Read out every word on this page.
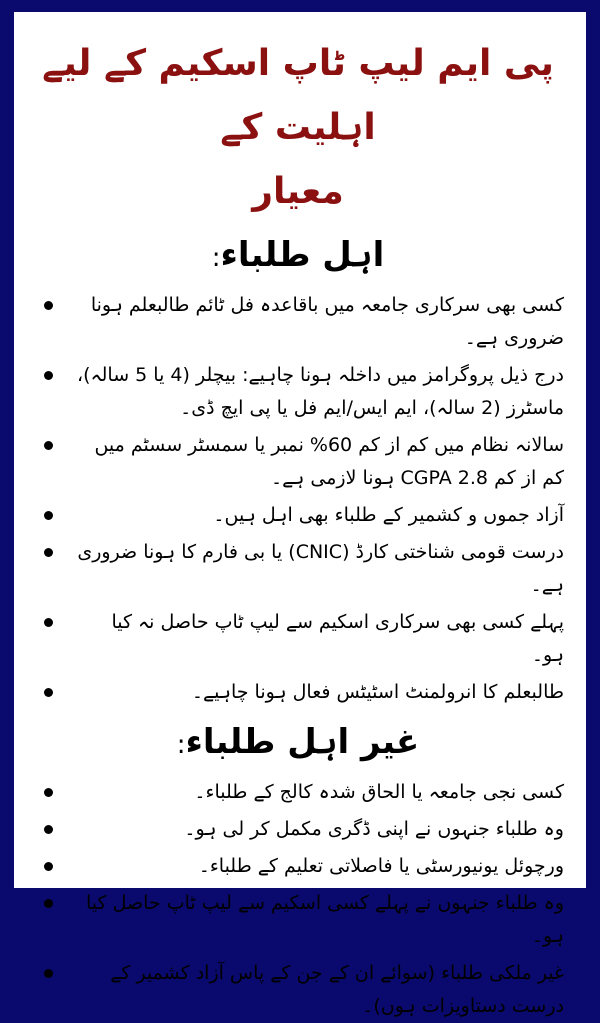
پی ایم لیپ ٹاپ اسکیم کے لیے اہلیت کے
معیار
اہل طلباء:
کسی بھی سرکاری جامعہ میں باقاعدہ فل ٹائم طالبعلم ہونا ضروری ہے۔
درج ذیل پروگرامز میں داخلہ ہونا چاہیے: بیچلر (4 یا 5 سالہ)، ماسٹرز (2 سالہ)، ایم ایس/ایم فل یا پی ایچ ڈی۔
سالانہ نظام میں کم از کم 60% نمبر یا سمسٹر سسٹم میں کم از کم CGPA 2.8 ہونا لازمی ہے۔
آزاد جموں و کشمیر کے طلباء بھی اہل ہیں۔
درست قومی شناختی کارڈ (CNIC) یا بی فارم کا ہونا ضروری ہے۔
پہلے کسی بھی سرکاری اسکیم سے لیپ ٹاپ حاصل نہ کیا ہو۔
طالبعلم کا انرولمنٹ اسٹیٹس فعال ہونا چاہیے۔
غیر اہل طلباء:
کسی نجی جامعہ یا الحاق شدہ کالج کے طلباء۔
وہ طلباء جنہوں نے اپنی ڈگری مکمل کر لی ہو۔
ورچوئل یونیورسٹی یا فاصلاتی تعلیم کے طلباء۔
وہ طلباء جنہوں نے پہلے کسی اسکیم سے لیپ ٹاپ حاصل کیا ہو۔
غیر ملکی طلباء (سوائے ان کے جن کے پاس آزاد کشمیر کے درست دستاویزات ہوں)۔
